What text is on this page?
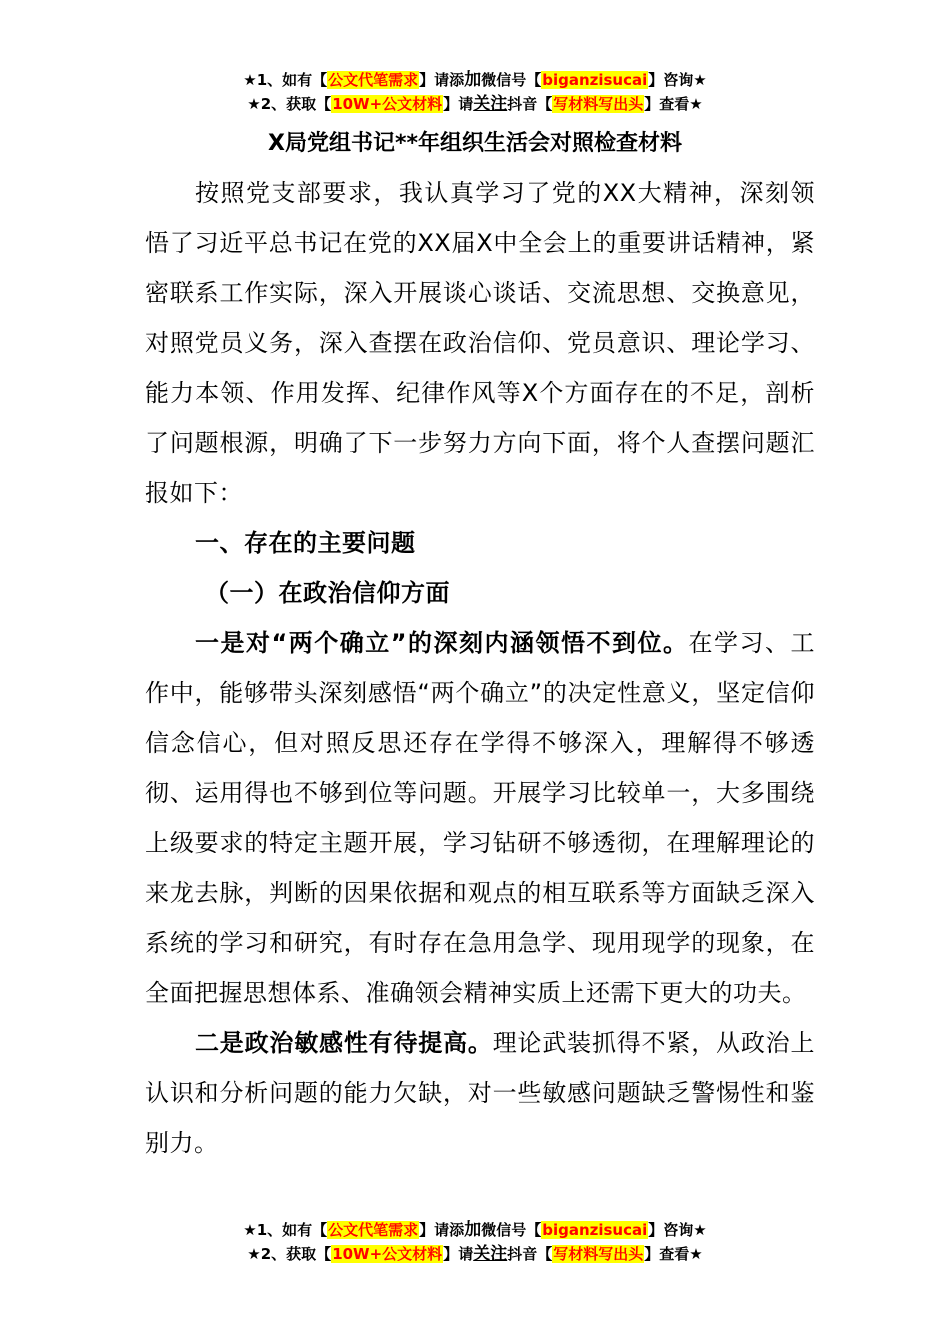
★1、如有【公文代笔需求】请添加微信号【biganzisucai】咨询★
★2、获取【10W+公文材料】请关注抖音【写材料写出头】查看★
X局党组书记**年组织生活会对照检查材料

按照党支部要求，我认真学习了党的XX大精神，深刻领悟了习近平总书记在党的XX届X中全会上的重要讲话精神，紧密联系工作实际，深入开展谈心谈话、交流思想、交换意见，对照党员义务，深入查摆在政治信仰、党员意识、理论学习、能力本领、作用发挥、纪律作风等X个方面存在的不足，剖析了问题根源，明确了下一步努力方向下面，将个人查摆问题汇报如下：

一、存在的主要问题

（一）在政治信仰方面

一是对“两个确立”的深刻内涵领悟不到位。在学习、工作中，能够带头深刻感悟“两个确立”的决定性意义，坚定信仰信念信心，但对照反思还存在学得不够深入，理解得不够透彻、运用得也不够到位等问题。开展学习比较单一，大多围绕上级要求的特定主题开展，学习钻研不够透彻，在理解理论的来龙去脉，判断的因果依据和观点的相互联系等方面缺乏深入系统的学习和研究，有时存在急用急学、现用现学的现象，在全面把握思想体系、准确领会精神实质上还需下更大的功夫。

二是政治敏感性有待提高。理论武装抓得不紧，从政治上认识和分析问题的能力欠缺，对一些敏感问题缺乏警惕性和鉴别力。

★1、如有【公文代笔需求】请添加微信号【biganzisucai】咨询★
★2、获取【10W+公文材料】请关注抖音【写材料写出头】查看★
